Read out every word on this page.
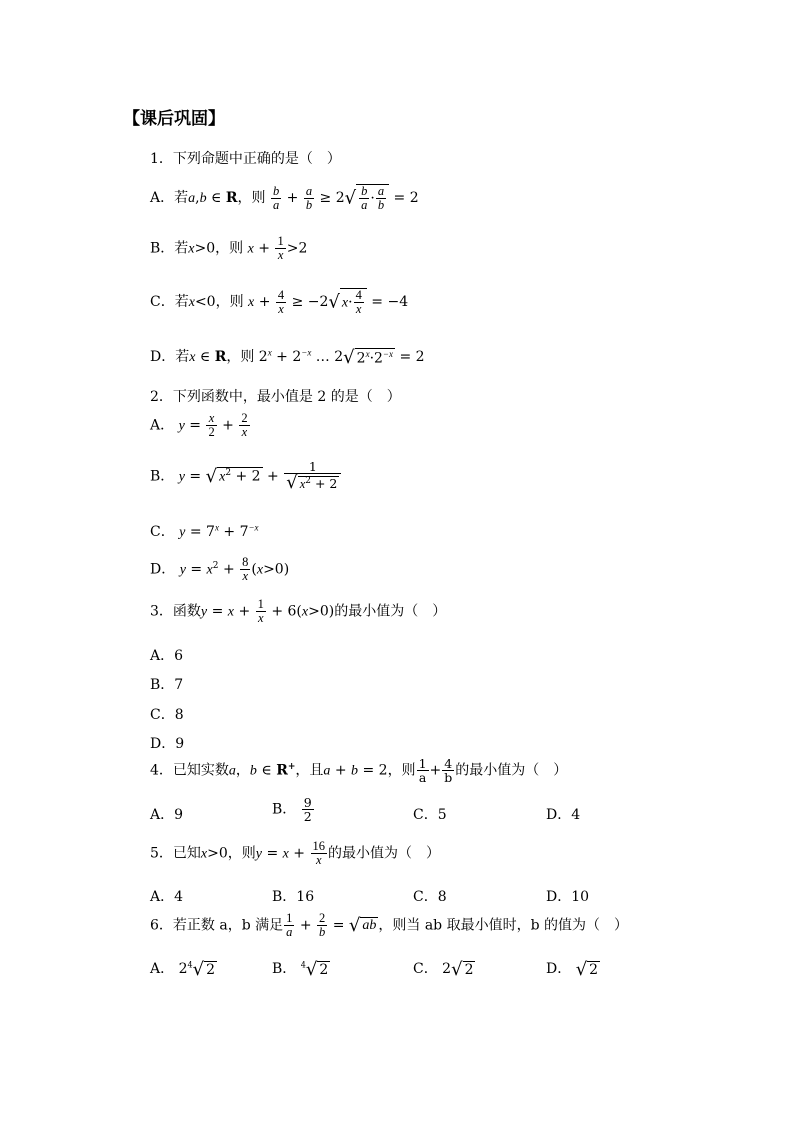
【课后巩固】
1．下列命题中正确的是（　）
A．若a,b ∈ R，则 $\frac{b}{a} + \frac{a}{b} \ge 2√ \frac{b}{a} \cdot \frac{a}{b} = 2$
B．若x>0，则 $x + \frac{1}{x} >2$
C．若x<0，则 $x + \frac{4}{x} \ge -2√$ $x\cdot \frac{4}{x} = -4$
D．若x ∈ R，则 $2^x + 2^{-x}$ … 2√ $2^x\cdot 2^{-x} = 2$
2．下列函数中，最小值是 2 的是（　）
A． $y = \frac{x}{2} + \frac{2}{x}$
B． y = √ $x^2 + 2 + \frac{1}{√ x^2 + 2}$
C． $y = 7^x + 7^{-x}$
D． $y = x^2 + \frac{8}{x} (x>0)$
3．函数$y = x + \frac{1}{x} + 6(x>0)$的最小值为（　）
A．6
B．7
C．8
D．9
4．已知实数a，b ∈ R+，且a + b = 2，则 $\frac{1}{a} + \frac{4}{b}$ 的最小值为（　）
A．9	B． $\frac{9}{2}$	C．5	D．4
5．已知x>0，则$y = x + \frac{16}{x}$ 的最小值为（　）
A．4	B．16	C．8	D．10
6．若正数 a，b 满足 $\frac{1}{a} + \frac{2}{b}$ = √ ab ，则当 ab 取最小值时，b 的值为（　）
A． $2^4√$ 2	B． $^4$√ 2	C． 2√ 2	D． √ 2
